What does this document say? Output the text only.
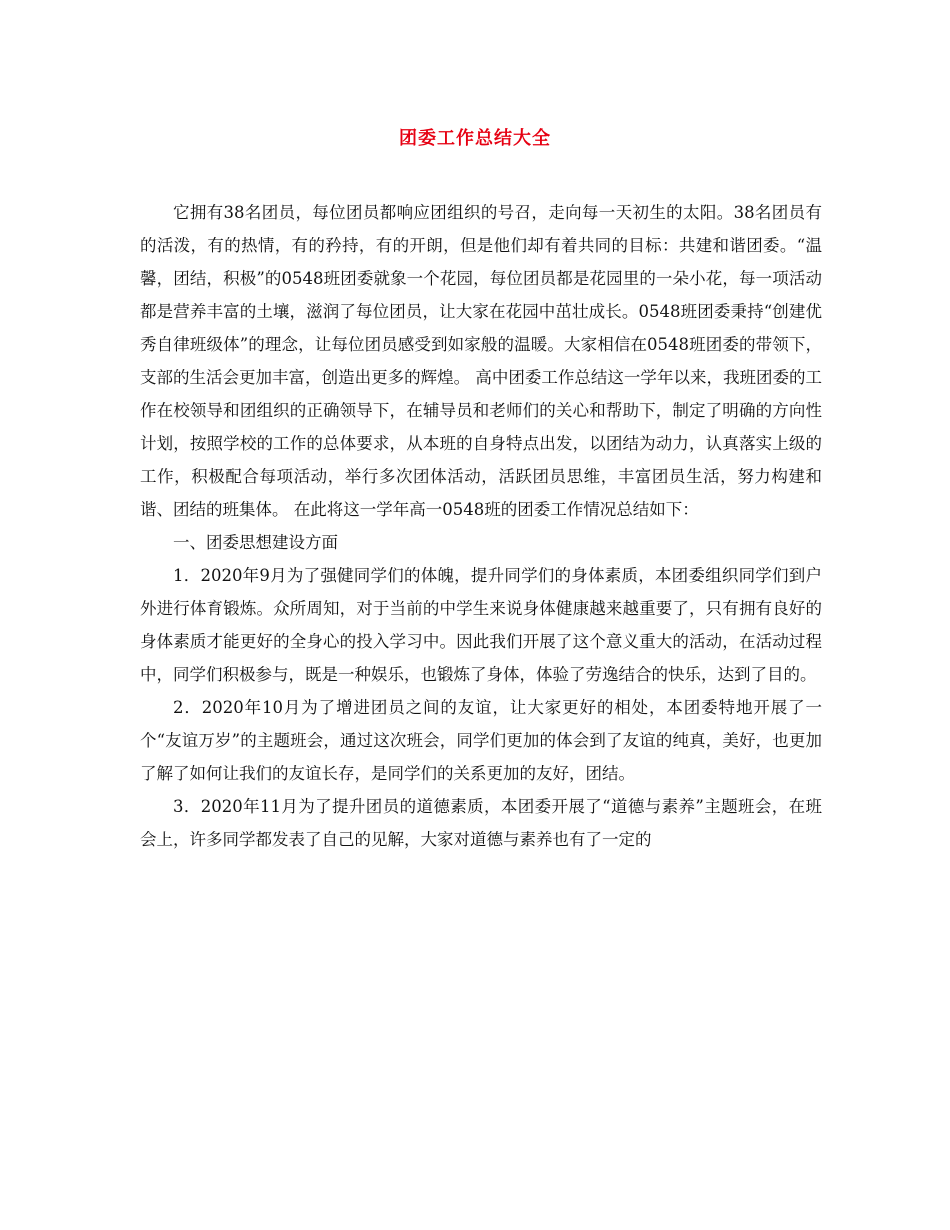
团委工作总结大全

它拥有38名团员，每位团员都响应团组织的号召，走向每一天初生的太阳。38名团员有的活泼，有的热情，有的矜持，有的开朗，但是他们却有着共同的目标：共建和谐团委。“温馨，团结，积极”的0548班团委就象一个花园，每位团员都是花园里的一朵小花，每一项活动都是营养丰富的土壤，滋润了每位团员，让大家在花园中茁壮成长。0548班团委秉持“创建优秀自律班级体”的理念，让每位团员感受到如家般的温暖。大家相信在0548班团委的带领下，支部的生活会更加丰富，创造出更多的辉煌。 高中团委工作总结这一学年以来，我班团委的工作在校领导和团组织的正确领导下，在辅导员和老师们的关心和帮助下，制定了明确的方向性计划，按照学校的工作的总体要求，从本班的自身特点出发，以团结为动力，认真落实上级的工作，积极配合每项活动，举行多次团体活动，活跃团员思维，丰富团员生活，努力构建和谐、团结的班集体。 在此将这一学年高一0548班的团委工作情况总结如下：

一、团委思想建设方面

1．2020年9月为了强健同学们的体魄，提升同学们的身体素质，本团委组织同学们到户外进行体育锻炼。众所周知，对于当前的中学生来说身体健康越来越重要了，只有拥有良好的身体素质才能更好的全身心的投入学习中。因此我们开展了这个意义重大的活动，在活动过程中，同学们积极参与，既是一种娱乐，也锻炼了身体，体验了劳逸结合的快乐，达到了目的。

2．2020年10月为了增进团员之间的友谊，让大家更好的相处，本团委特地开展了一个“友谊万岁”的主题班会，通过这次班会，同学们更加的体会到了友谊的纯真，美好，也更加了解了如何让我们的友谊长存，是同学们的关系更加的友好，团结。

3．2020年11月为了提升团员的道德素质，本团委开展了“道德与素养”主题班会，在班会上，许多同学都发表了自己的见解，大家对道德与素养也有了一定的
